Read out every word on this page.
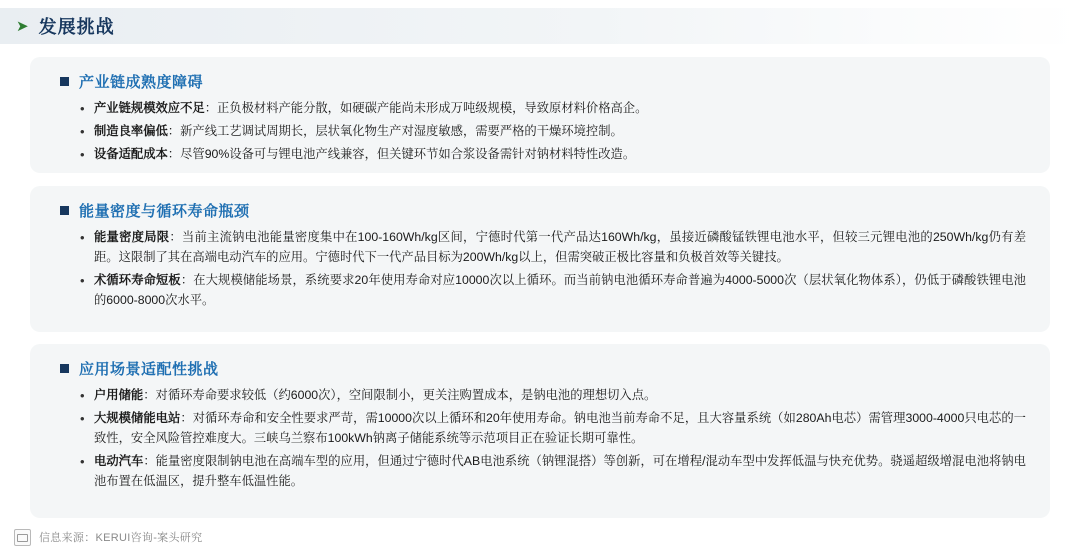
➤ 发展挑战
产业链成熟度障碍
• 产业链规模效应不足：正负极材料产能分散，如硬碳产能尚未形成万吨级规模，导致原材料价格高企。
• 制造良率偏低：新产线工艺调试周期长，层状氧化物生产对湿度敏感，需要严格的干燥环境控制。
• 设备适配成本：尽管90%设备可与锂电池产线兼容，但关键环节如合浆设备需针对钠材料特性改造。
能量密度与循环寿命瓶颈
• 能量密度局限：当前主流钠电池能量密度集中在100-160Wh/kg区间，宁德时代第一代产品达160Wh/kg，虽接近磷酸锰铁锂电池水平，但较三元锂电池的250Wh/kg仍有差距。这限制了其在高端电动汽车的应用。宁德时代下一代产品目标为200Wh/kg以上，但需突破正极比容量和负极首效等关键技。
• 术循环寿命短板：在大规模储能场景，系统要求20年使用寿命对应10000次以上循环。而当前钠电池循环寿命普遍为4000-5000次（层状氧化物体系），仍低于磷酸铁锂电池的6000-8000次水平。
应用场景适配性挑战
• 户用储能：对循环寿命要求较低（约6000次），空间限制小，更关注购置成本，是钠电池的理想切入点。
• 大规模储能电站：对循环寿命和安全性要求严苛，需10000次以上循环和20年使用寿命。钠电池当前寿命不足，且大容量系统（如280Ah电芯）需管理3000-4000只电芯的一致性，安全风险管控难度大。三峡乌兰察布100kWh钠离子储能系统等示范项目正在验证长期可靠性。
• 电动汽车：能量密度限制钠电池在高端车型的应用，但通过宁德时代AB电池系统（钠锂混搭）等创新，可在增程/混动车型中发挥低温与快充优势。骁遥超级增混电池将钠电池布置在低温区，提升整车低温性能。
信息来源：KERUI咨询-案头研究
